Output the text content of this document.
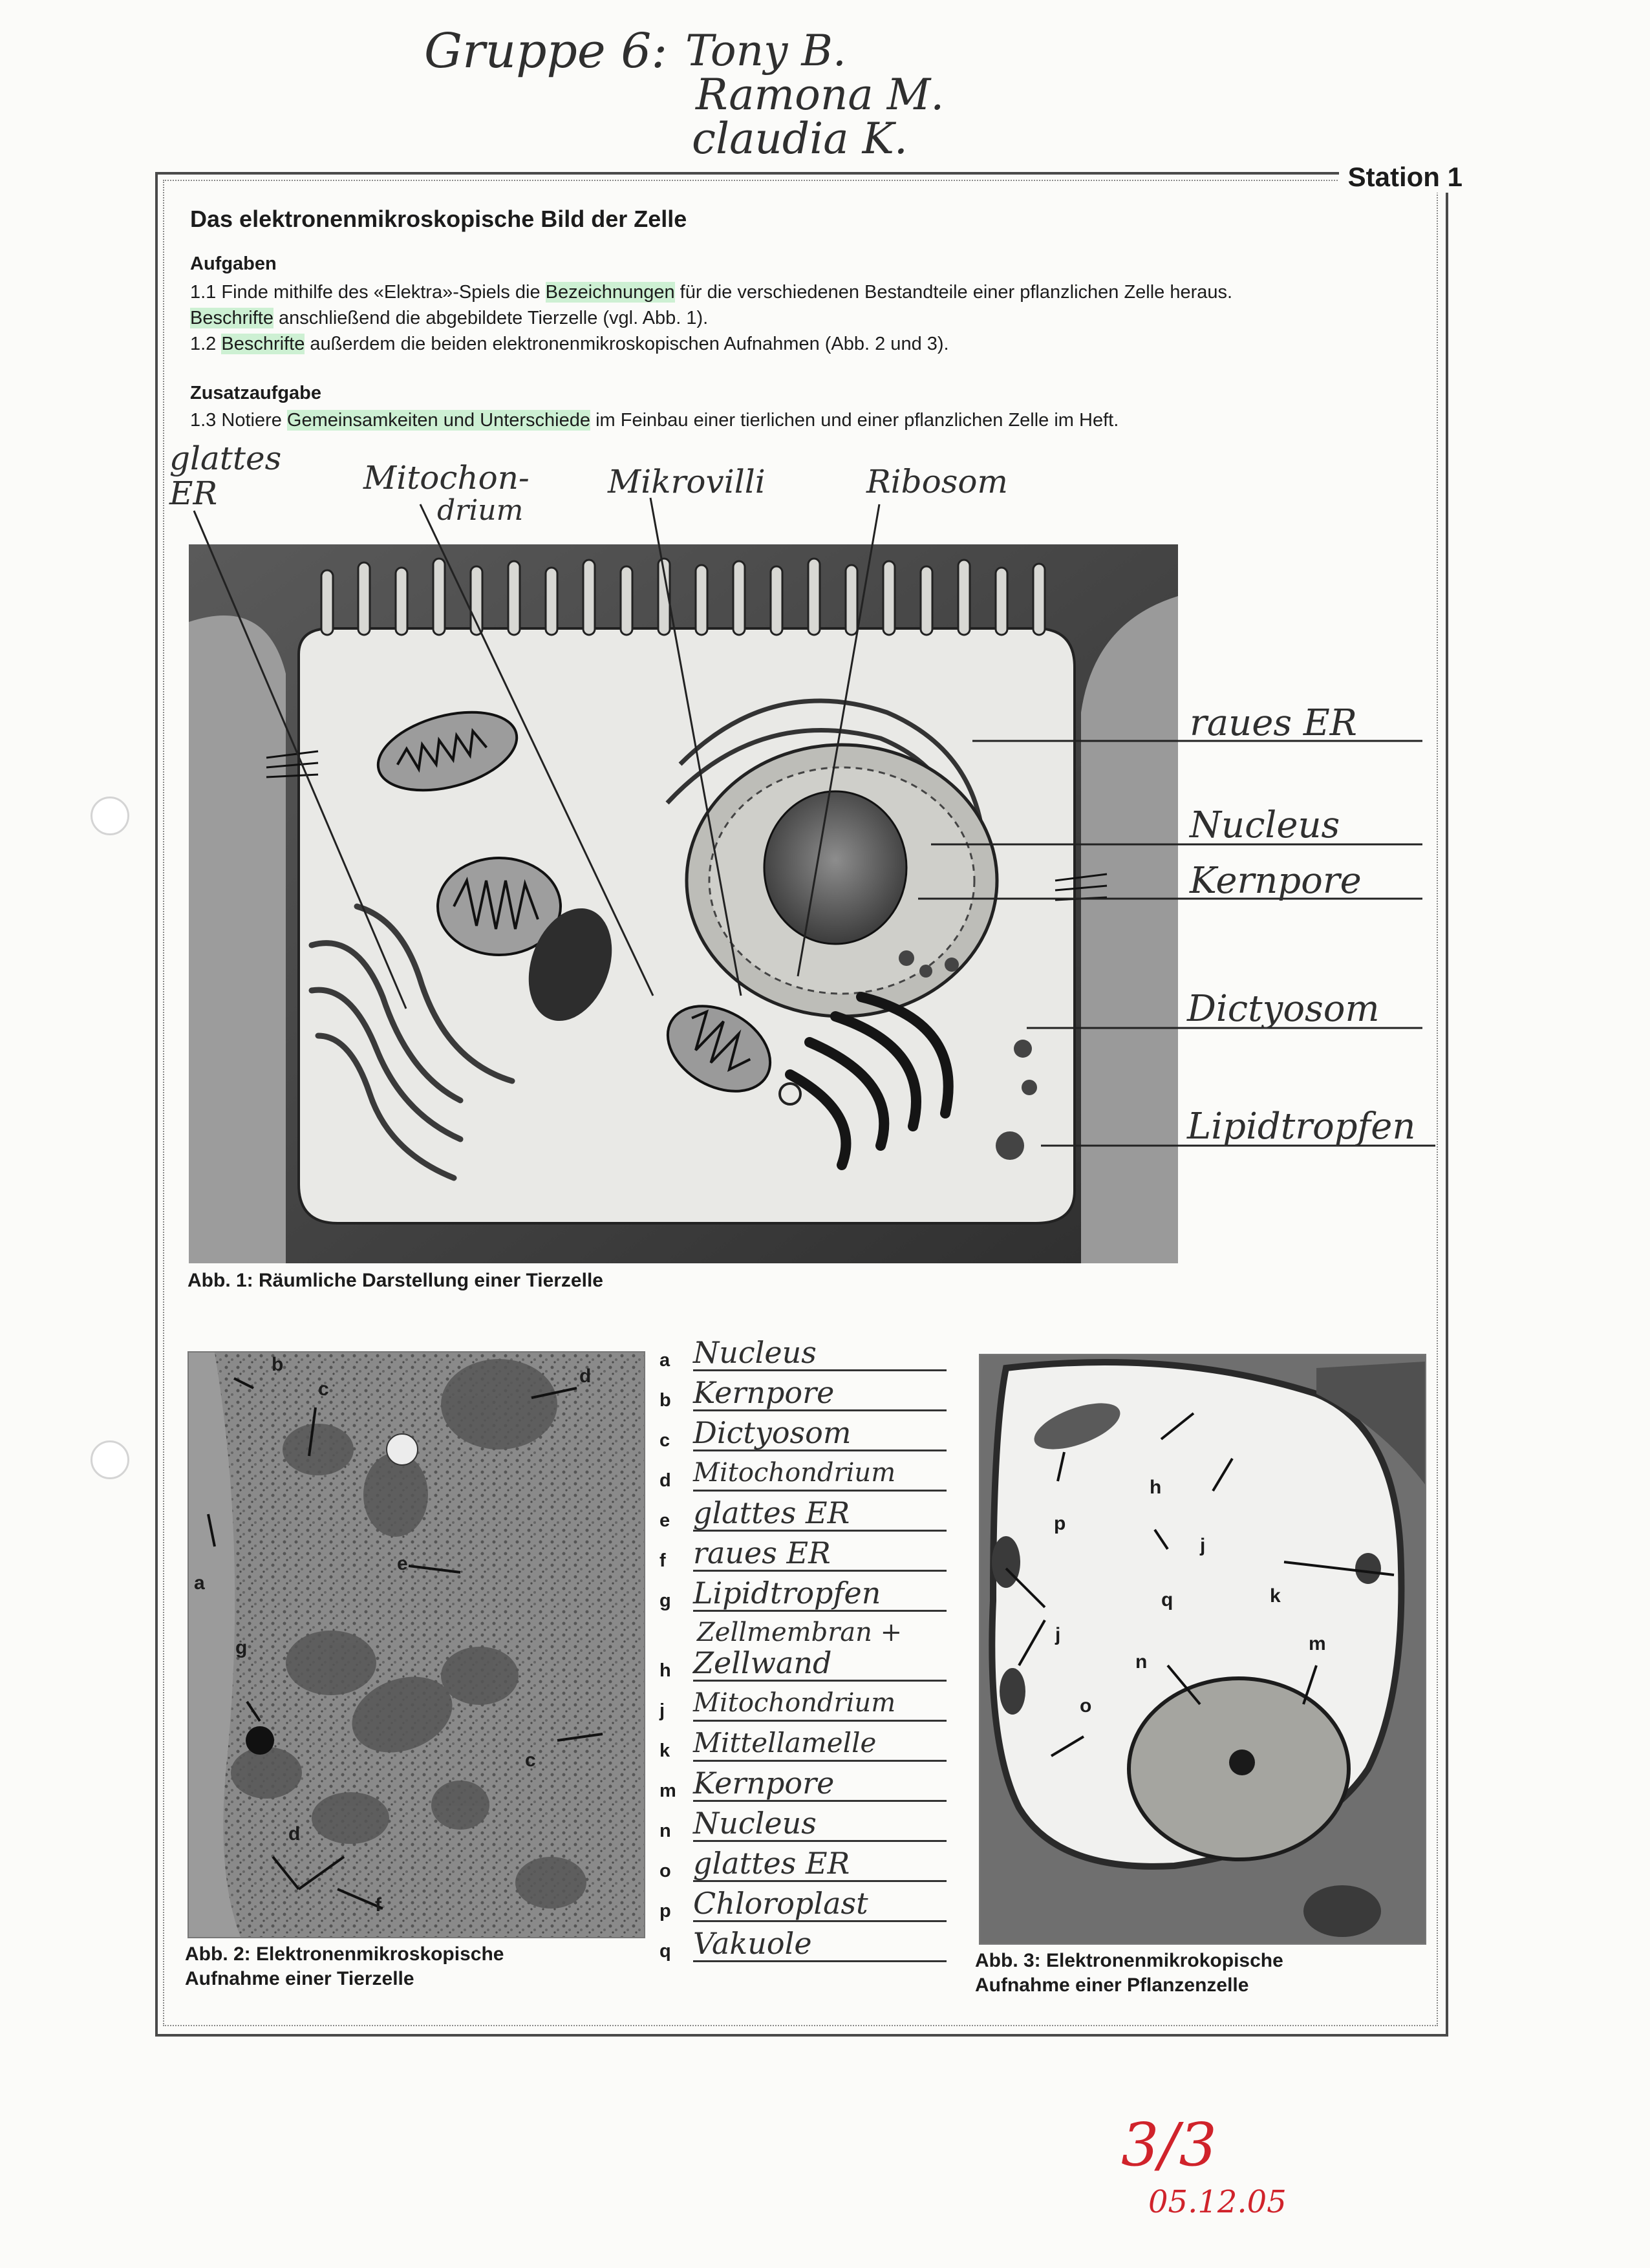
Gruppe 6: Tony B.
Ramona M.
claudia K.
Station 1
Das elektronenmikroskopische Bild der Zelle
Aufgaben
1.1 Finde mithilfe des «Elektra»-Spiels die Bezeichnungen für die verschiedenen Bestandteile einer pflanzlichen Zelle heraus.
Beschrifte anschließend die abgebildete Tierzelle (vgl. Abb. 1).
1.2 Beschrifte außerdem die beiden elektronenmikroskopischen Aufnahmen (Abb. 2 und 3).
Zusatzaufgabe
1.3 Notiere Gemeinsamkeiten und Unterschiede im Feinbau einer tierlichen und einer pflanzlichen Zelle im Heft.
glattes
ER	Mitochon-
drium
Mikrovilli	Ribosom
raues ER
Nucleus
Kernpore
Dictyosom
Lipidtropfen
Abb. 1: Räumliche Darstellung einer Tierzelle
b
c
d
a
e
g
c
d
f
Abb. 2: Elektronenmikroskopische
Aufnahme einer Tierzelle
a Nucleus
b Kernpore
c Dictyosom
d Mitochondrium
e glattes ER
f raues ER
g Lipidtropfen
Zellmembran +
h Zellwand
j	Mitochondrium
k Mittellamelle
m Kernpore
n Nucleus
o glattes ER
p Chloroplast
q Vakuole
h
p
j
q	k
j
n
m
o
Abb. 3: Elektronenmikrokopische
Aufnahme einer Pflanzenzelle
3/3
05.12.05
